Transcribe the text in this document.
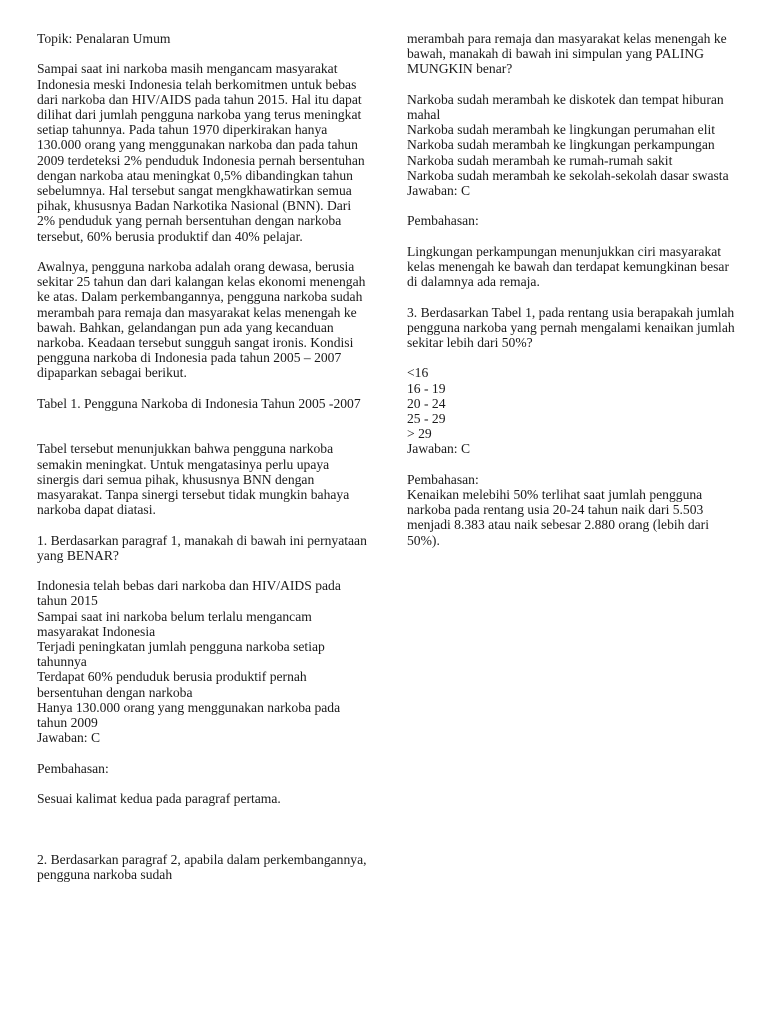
Topik: Penalaran Umum

Sampai saat ini narkoba masih mengancam masyarakat Indonesia meski Indonesia telah berkomitmen untuk bebas dari narkoba dan HIV/AIDS pada tahun 2015. Hal itu dapat dilihat dari jumlah pengguna narkoba yang terus meningkat setiap tahunnya. Pada tahun 1970 diperkirakan hanya 130.000 orang yang menggunakan narkoba dan pada tahun 2009 terdeteksi 2% penduduk Indonesia pernah bersentuhan dengan narkoba atau meningkat 0,5% dibandingkan tahun sebelumnya. Hal tersebut sangat mengkhawatirkan semua pihak, khususnya Badan Narkotika Nasional (BNN). Dari 2% penduduk yang pernah bersentuhan dengan narkoba tersebut, 60% berusia produktif dan 40% pelajar.

Awalnya, pengguna narkoba adalah orang dewasa, berusia sekitar 25 tahun dan dari kalangan kelas ekonomi menengah ke atas. Dalam perkembangannya, pengguna narkoba sudah merambah para remaja dan masyarakat kelas menengah ke bawah. Bahkan, gelandangan pun ada yang kecanduan narkoba. Keadaan tersebut sungguh sangat ironis. Kondisi pengguna narkoba di Indonesia pada tahun 2005 – 2007 dipaparkan sebagai berikut.

Tabel 1. Pengguna Narkoba di Indonesia Tahun 2005 -2007

Tabel tersebut menunjukkan bahwa pengguna narkoba semakin meningkat. Untuk mengatasinya perlu upaya sinergis dari semua pihak, khususnya BNN dengan masyarakat. Tanpa sinergi tersebut tidak mungkin bahaya narkoba dapat diatasi.

1. Berdasarkan paragraf 1, manakah di bawah ini pernyataan yang BENAR?

Indonesia telah bebas dari narkoba dan HIV/AIDS pada tahun 2015

Sampai saat ini narkoba belum terlalu mengancam masyarakat Indonesia

Terjadi peningkatan jumlah pengguna narkoba setiap tahunnya

Terdapat 60% penduduk berusia produktif pernah bersentuhan dengan narkoba

Hanya 130.000 orang yang menggunakan narkoba pada tahun 2009

Jawaban: C

Pembahasan:

Sesuai kalimat kedua pada paragraf pertama.

2. Berdasarkan paragraf 2, apabila dalam perkembangannya, pengguna narkoba sudah

merambah para remaja dan masyarakat kelas menengah ke bawah, manakah di bawah ini simpulan yang PALING MUNGKIN benar?

Narkoba sudah merambah ke diskotek dan tempat hiburan mahal

Narkoba sudah merambah ke lingkungan perumahan elit

Narkoba sudah merambah ke lingkungan perkampungan

Narkoba sudah merambah ke rumah-rumah sakit

Narkoba sudah merambah ke sekolah-sekolah dasar swasta

Jawaban: C

Pembahasan:

Lingkungan perkampungan menunjukkan ciri masyarakat kelas menengah ke bawah dan terdapat kemungkinan besar di dalamnya ada remaja.

3. Berdasarkan Tabel 1, pada rentang usia berapakah jumlah pengguna narkoba yang pernah mengalami kenaikan jumlah sekitar lebih dari 50%?

<16

16 - 19

20 - 24

25 - 29

> 29

Jawaban: C

Pembahasan:

Kenaikan melebihi 50% terlihat saat jumlah pengguna narkoba pada rentang usia 20-24 tahun naik dari 5.503 menjadi 8.383 atau naik sebesar 2.880 orang (lebih dari 50%).
